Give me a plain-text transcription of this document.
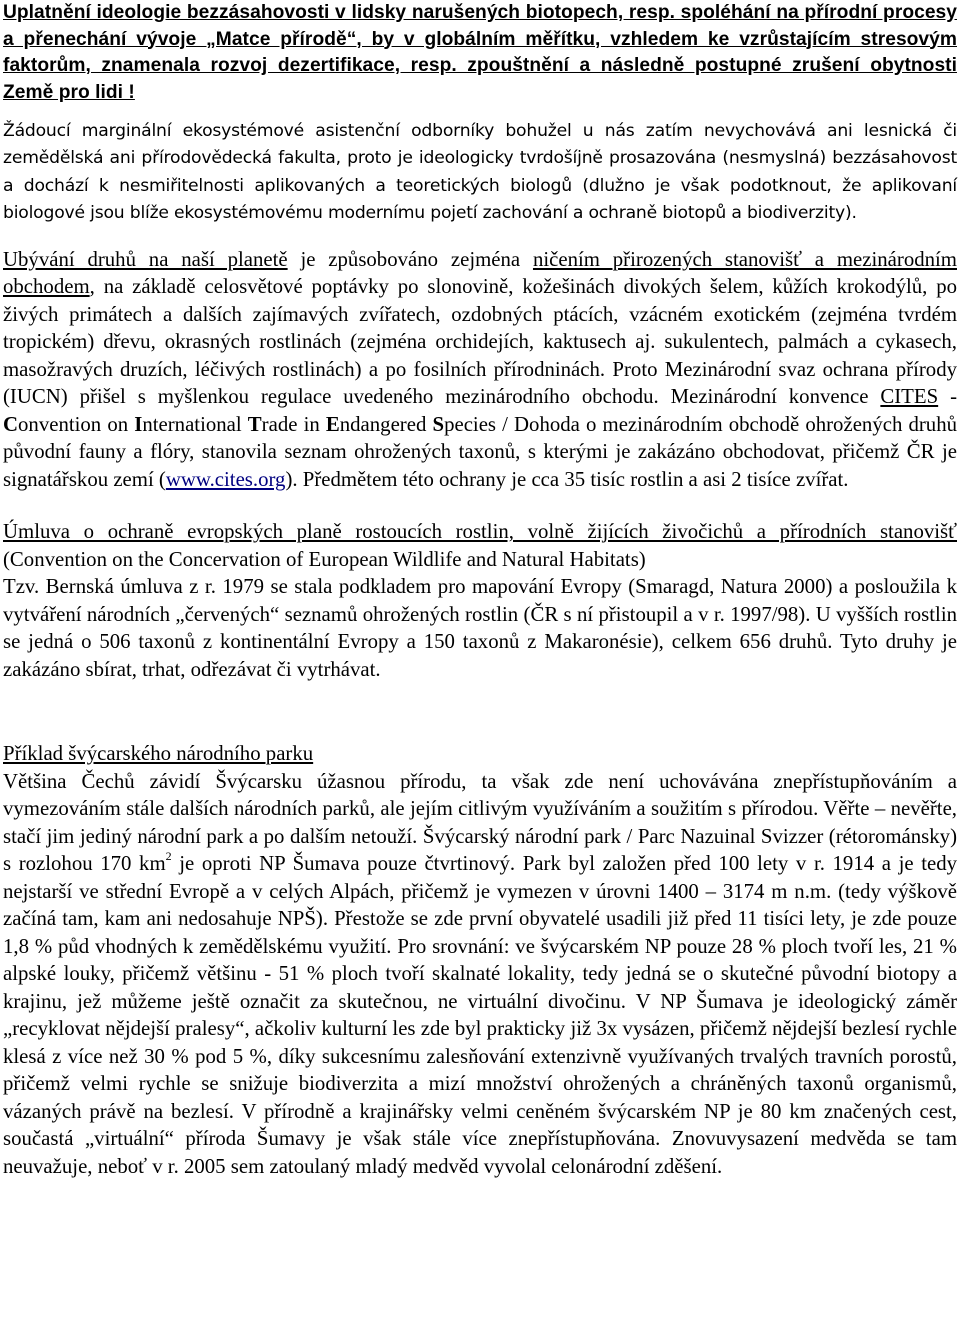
Uplatnění ideologie bezzásahovosti v lidsky narušených biotopech, resp. spoléhání na přírodní procesy a přenechání vývoje „Matce přírodě“, by v globálním měřítku, vzhledem ke vzrůstajícím stresovým faktorům, znamenala rozvoj dezertifikace, resp. zpouštnění a následně postupné zrušení obytnosti Země pro lidi !

Žádoucí marginální ekosystémové asistenční odborníky bohužel u nás zatím nevychovává ani lesnická či zemědělská ani přírodovědecká fakulta, proto je ideologicky tvrdošíjně prosazována (nesmyslná) bezzásahovost a dochází k nesmiřitelnosti aplikovaných a teoretických biologů (dlužno je však podotknout, že aplikovaní biologové jsou blíže ekosystémovému modernímu pojetí zachování a ochraně biotopů a biodiverzity).

Ubývání druhů na naší planetě je způsobováno zejména ničením přirozených stanovišť a mezinárodním obchodem, na základě celosvětové poptávky po slonovině, kožešinách divokých šelem, kůžích krokodýlů, po živých primátech a dalších zajímavých zvířatech, ozdobných ptácích, vzácném exotickém (zejména tvrdém tropickém) dřevu, okrasných rostlinách (zejména orchidejích, kaktusech aj. sukulentech, palmách a cykasech, masožravých druzích, léčivých rostlinách) a po fosilních přírodninách. Proto Mezinárodní svaz ochrana přírody (IUCN) přišel s myšlenkou regulace uvedeného mezinárodního obchodu. Mezinárodní konvence CITES - Convention on International Trade in Endangered Species / Dohoda o mezinárodním obchodě ohrožených druhů původní fauny a flóry, stanovila seznam ohrožených taxonů, s kterými je zakázáno obchodovat, přičemž ČR je signatářskou zemí (www.cites.org). Předmětem této ochrany je cca 35 tisíc rostlin a asi 2 tisíce zvířat.

Úmluva o ochraně evropských planě rostoucích rostlin, volně žijících živočichů a přírodních stanovišť (Convention on the Concervation of European Wildlife and Natural Habitats)
Tzv. Bernská úmluva z r. 1979 se stala podkladem pro mapování Evropy (Smaragd, Natura 2000) a posloužila k vytváření národních „červených“ seznamů ohrožených rostlin (ČR s ní přistoupil a v r. 1997/98). U vyšších rostlin se jedná o 506 taxonů z kontinentální Evropy a 150 taxonů z Makaronésie), celkem 656 druhů. Tyto druhy je zakázáno sbírat, trhat, odřezávat či vytrhávat.

Příklad švýcarského národního parku
Většina Čechů závidí Švýcarsku úžasnou přírodu, ta však zde není uchovávána znepřístupňováním a vymezováním stále dalších národních parků, ale jejím citlivým využíváním a soužitím s přírodou. Věřte – nevěřte, stačí jim jediný národní park a po dalším netouží. Švýcarský národní park / Parc Nazuinal Svizzer (rétorománsky) s rozlohou 170 $km^2$ je oproti NP Šumava pouze čtvrtinový. Park byl založen před 100 lety v r. 1914 a je tedy nejstarší ve střední Evropě a v celých Alpách, přičemž je vymezen v úrovni 1400 – 3174 m n.m. (tedy výškově začíná tam, kam ani nedosahuje NPŠ). Přestože se zde první obyvatelé usadili již před 11 tisíci lety, je zde pouze 1,8 % půd vhodných k zemědělskému využití. Pro srovnání: ve švýcarském NP pouze 28 % ploch tvoří les, 21 % alpské louky, přičemž většinu - 51 % ploch tvoří skalnaté lokality, tedy jedná se o skutečné původní biotopy a krajinu, jež můžeme ještě označit za skutečnou, ne virtuální divočinu. V NP Šumava je ideologický záměr „recyklovat nějdejší pralesy“, ačkoliv kulturní les zde byl prakticky již 3x vysázen, přičemž nějdejší bezlesí rychle klesá z více než 30 % pod 5 %, díky sukcesnímu zalesňování extenzivně využívaných trvalých travních porostů, přičemž velmi rychle se snižuje biodiverzita a mizí množství ohrožených a chráněných taxonů organismů, vázaných právě na bezlesí. V přírodně a krajinářsky velmi ceněném švýcarském NP je 80 km značených cest, součastá „virtuální“ příroda Šumavy je však stále více znepřístupňována. Znovuvysazení medvěda se tam neuvažuje, neboť v r. 2005 sem zatoulaný mladý medvěd vyvolal celonárodní zděšení.
